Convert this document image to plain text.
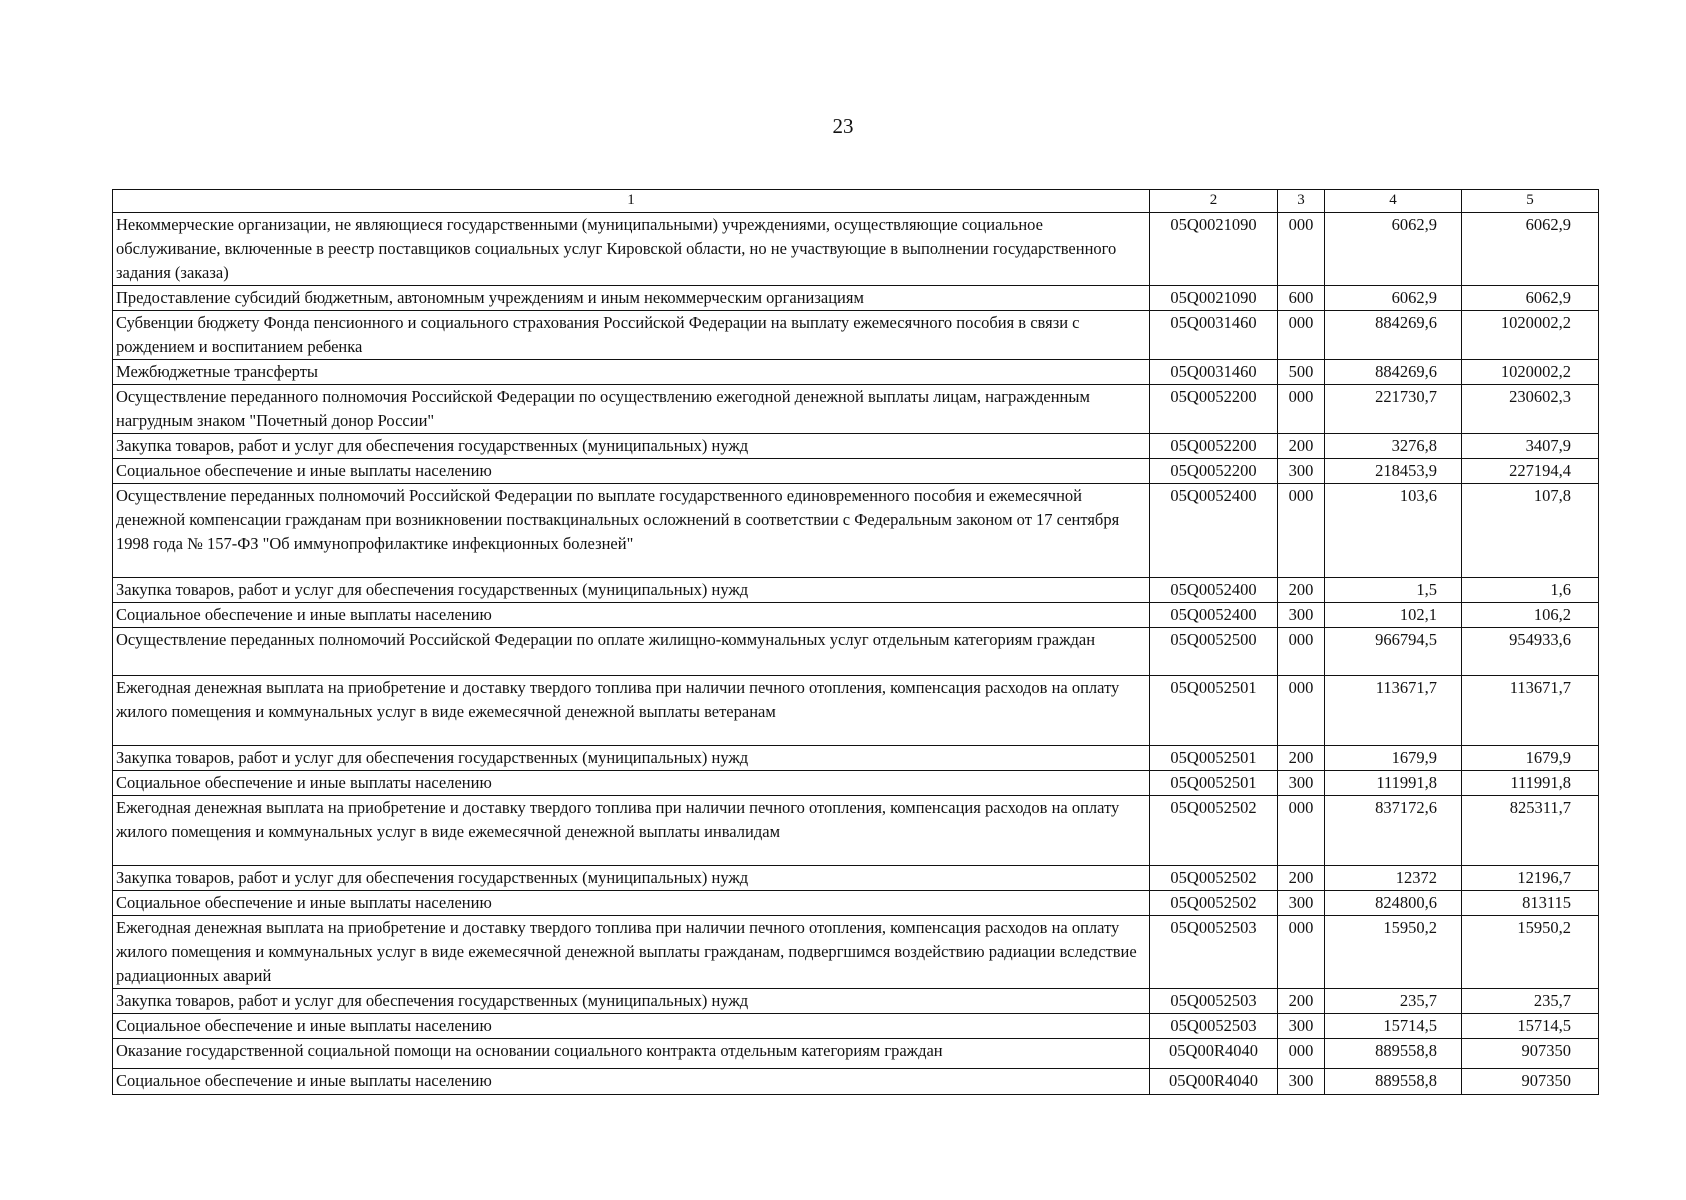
23
1	2	3	4	5
Некоммерческие организации, не являющиеся государственными (муниципальными) учреждениями, осуществляющие социальное обслуживание, включенные в реестр поставщиков социальных услуг Кировской области, но не участвующие в выполнении государственного задания (заказа)	05Q0021090	000	6062,9	6062,9
Предоставление субсидий бюджетным, автономным учреждениям и иным некоммерческим организациям	05Q0021090	600	6062,9	6062,9
Субвенции бюджету Фонда пенсионного и социального страхования Российской Федерации на выплату ежемесячного пособия в связи с рождением и воспитанием ребенка	05Q0031460	000	884269,6	1020002,2
Межбюджетные трансферты	05Q0031460	500	884269,6	1020002,2
Осуществление переданного полномочия Российской Федерации по осуществлению ежегодной денежной выплаты лицам, награжденным нагрудным знаком "Почетный донор России"	05Q0052200	000	221730,7	230602,3
Закупка товаров, работ и услуг для обеспечения государственных (муниципальных) нужд	05Q0052200	200	3276,8	3407,9
Социальное обеспечение и иные выплаты населению	05Q0052200	300	218453,9	227194,4
Осуществление переданных полномочий Российской Федерации по выплате государственного единовременного пособия и ежемесячной денежной компенсации гражданам при возникновении поствакцинальных осложнений в соответствии с Федеральным законом от 17 сентября 1998 года № 157-ФЗ "Об иммунопрофилактике инфекционных болезней"	05Q0052400	000	103,6	107,8
Закупка товаров, работ и услуг для обеспечения государственных (муниципальных) нужд	05Q0052400	200	1,5	1,6
Социальное обеспечение и иные выплаты населению	05Q0052400	300	102,1	106,2
Осуществление переданных полномочий Российской Федерации по оплате жилищно-коммунальных услуг отдельным категориям граждан	05Q0052500	000	966794,5	954933,6
Ежегодная денежная выплата на приобретение и доставку твердого топлива при наличии печного отопления, компенсация расходов на оплату жилого помещения и коммунальных услуг в виде ежемесячной денежной выплаты ветеранам	05Q0052501	000	113671,7	113671,7
Закупка товаров, работ и услуг для обеспечения государственных (муниципальных) нужд	05Q0052501	200	1679,9	1679,9
Социальное обеспечение и иные выплаты населению	05Q0052501	300	111991,8	111991,8
Ежегодная денежная выплата на приобретение и доставку твердого топлива при наличии печного отопления, компенсация расходов на оплату жилого помещения и коммунальных услуг в виде ежемесячной денежной выплаты инвалидам	05Q0052502	000	837172,6	825311,7
Закупка товаров, работ и услуг для обеспечения государственных (муниципальных) нужд	05Q0052502	200	12372	12196,7
Социальное обеспечение и иные выплаты населению	05Q0052502	300	824800,6	813115
Ежегодная денежная выплата на приобретение и доставку твердого топлива при наличии печного отопления, компенсация расходов на оплату жилого помещения и коммунальных услуг в виде ежемесячной денежной выплаты гражданам, подвергшимся воздействию радиации вследствие радиационных аварий	05Q0052503	000	15950,2	15950,2
Закупка товаров, работ и услуг для обеспечения государственных (муниципальных) нужд	05Q0052503	200	235,7	235,7
Социальное обеспечение и иные выплаты населению	05Q0052503	300	15714,5	15714,5
Оказание государственной социальной помощи на основании социального контракта отдельным категориям граждан	05Q00R4040	000	889558,8	907350
Социальное обеспечение и иные выплаты населению	05Q00R4040	300	889558,8	907350
